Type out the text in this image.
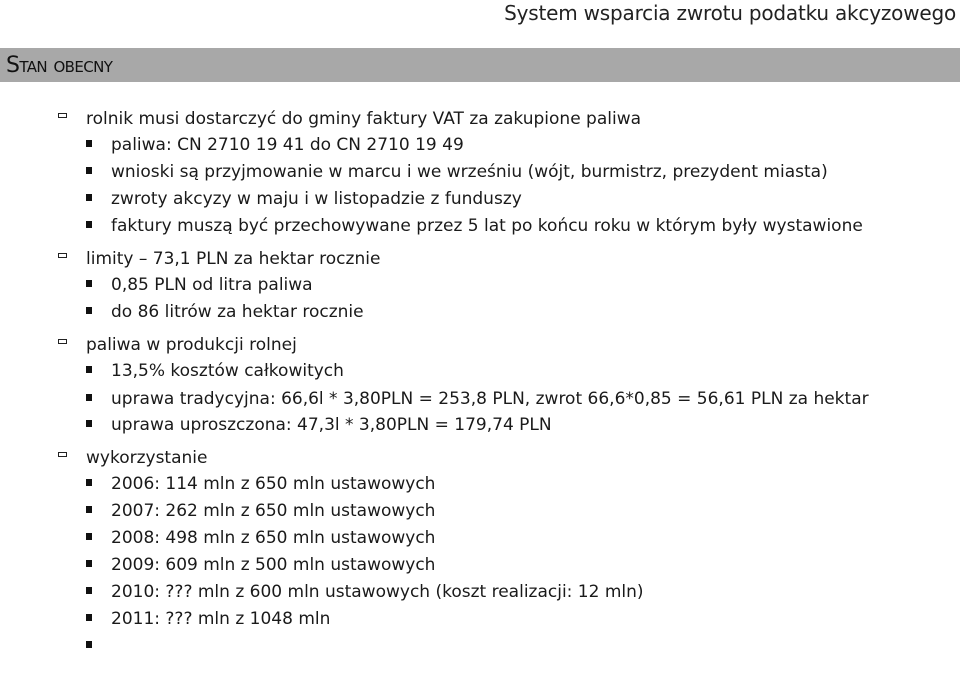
System wsparcia zwrotu podatku akcyzowego
Stan obecny
rolnik musi dostarczyć do gminy faktury VAT za zakupione paliwa
paliwa: CN 2710 19 41 do CN 2710 19 49
wnioski są przyjmowanie w marcu i we wrześniu (wójt, burmistrz, prezydent miasta)
zwroty akcyzy w maju i w listopadzie z funduszy
faktury muszą być przechowywane przez 5 lat po końcu roku w którym były wystawione
limity – 73,1 PLN za hektar rocznie
0,85 PLN od litra paliwa
do 86 litrów za hektar rocznie
paliwa w produkcji rolnej
13,5% kosztów całkowitych
uprawa tradycyjna: 66,6l * 3,80PLN = 253,8 PLN, zwrot 66,6*0,85 = 56,61 PLN za hektar
uprawa uproszczona: 47,3l * 3,80PLN = 179,74 PLN
wykorzystanie
2006: 114 mln z 650 mln ustawowych
2007: 262 mln z 650 mln ustawowych
2008: 498 mln z 650 mln ustawowych
2009: 609 mln z 500 mln ustawowych
2010: ??? mln z 600 mln ustawowych (koszt realizacji: 12 mln)
2011: ??? mln z 1048 mln
